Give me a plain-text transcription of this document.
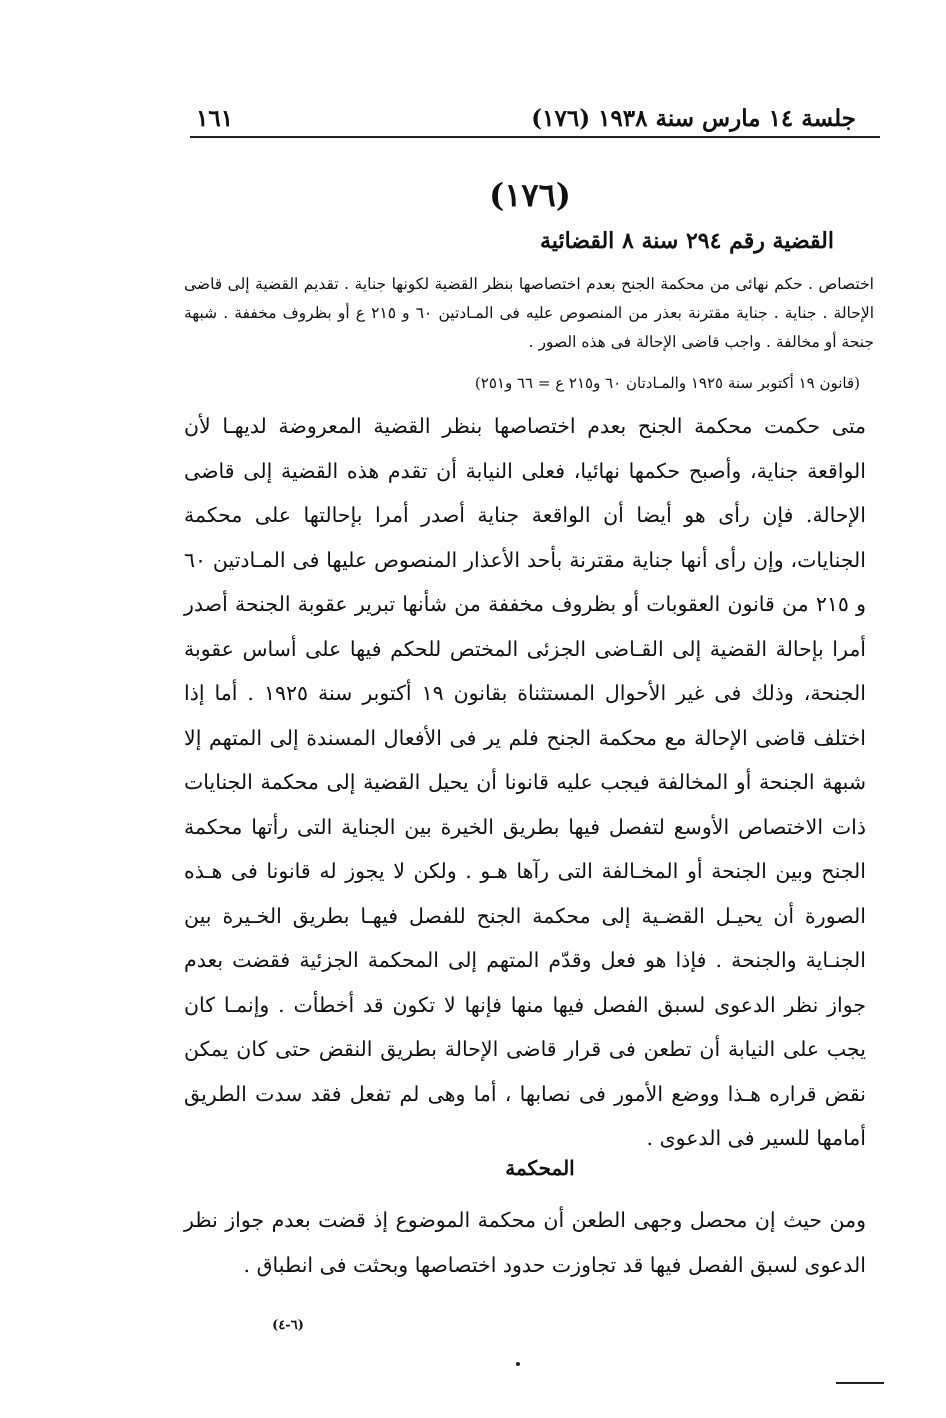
جلسة ١٤ مارس سنة ١٩٣٨ (١٧٦)
١٦١
(١٧٦)
القضية رقم ٢٩٤ سنة ٨ القضائية
اختصاص . حكم نهائى من محكمة الجنح بعدم اختصاصها بنظر القضية لكونها جناية . تقديم القضية إلى قاضى الإحالة . جناية . جناية مقترنة بعذر من المنصوص عليه فى المـادتين ٦٠ و ٢١٥ ع أو بظروف مخففة . شبهة جنحة أو مخالفة . واجب قاضى الإحالة فى هذه الصور .
(قانون ١٩ أكتوبر سنة ١٩٢٥ والمـادتان ٦٠ و٢١٥ ع = ٦٦ و٢٥١)

متى حكمت محكمة الجنح بعدم اختصاصها بنظر القضية المعروضة لديهـا لأن الواقعة جناية، وأصبح حكمها نهائيا، فعلى النيابة أن تقدم هذه القضية إلى قاضى الإحالة. فإن رأى هو أيضا أن الواقعة جناية أصدر أمرا بإحالتها على محكمة الجنايات، وإن رأى أنها جناية مقترنة بأحد الأعذار المنصوص عليها فى المـادتين ٦٠ و ٢١٥ من قانون العقوبات أو بظروف مخففة من شأنها تبرير عقوبة الجنحة أصدر أمرا بإحالة القضية إلى القـاضى الجزئى المختص للحكم فيها على أساس عقوبة الجنحة، وذلك فى غير الأحوال المستثناة بقانون ١٩ أكتوبر سنة ١٩٢٥ . أما إذا اختلف قاضى الإحالة مع محكمة الجنح فلم ير فى الأفعال المسندة إلى المتهم إلا شبهة الجنحة أو المخالفة فيجب عليه قانونا أن يحيل القضية إلى محكمة الجنايات ذات الاختصاص الأوسع لتفصل فيها بطريق الخيرة بين الجناية التى رأتها محكمة الجنح وبين الجنحة أو المخـالفة التى رآها هـو . ولكن لا يجوز له قانونا فى هـذه الصورة أن يحيـل القضـية إلى محكمة الجنح للفصل فيهـا بطريق الخـيرة بين الجنـاية والجنحة . فإذا هو فعل وقدّم المتهم إلى المحكمة الجزئية فقضت بعدم جواز نظر الدعوى لسبق الفصل فيها منها فإنها لا تكون قد أخطأت . وإنمـا كان يجب على النيابة أن تطعن فى قرار قاضى الإحالة بطريق النقض حتى كان يمكن نقض قراره هـذا ووضع الأمور فى نصابها ، أما وهى لم تفعل فقد سدت الطريق أمامها للسير فى الدعوى .

المحكمة

ومن حيث إن محصل وجهى الطعن أن محكمة الموضوع إذ قضت بعدم جواز نظر الدعوى لسبق الفصل فيها قد تجاوزت حدود اختصاصها وبحثت فى انطباق .

(٦-٤)
